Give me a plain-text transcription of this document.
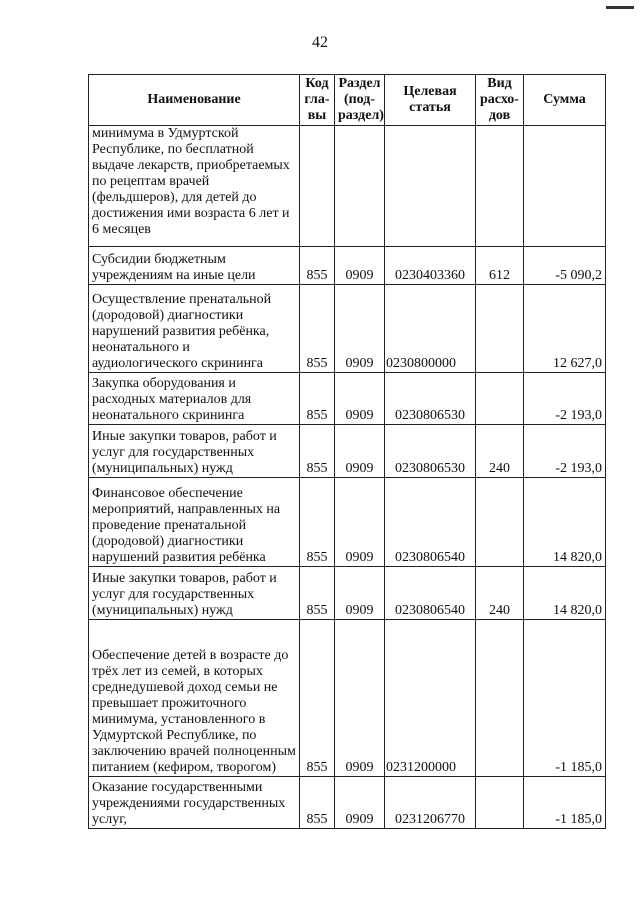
42
Наименование	Код гла-вы	Раздел (под-раздел)	Целевая статья	Вид расхо-дов	Сумма
минимума в Удмуртской Республике, по бесплатной выдаче лекарств, приобретаемых по рецептам врачей (фельдшеров), для детей до достижения ими возраста 6 лет и 6 месяцев					
Субсидии бюджетным учреждениям на иные цели	855	0909	0230403360	612	-5 090,2
Осуществление пренатальной (дородовой) диагностики нарушений развития ребёнка, неонатального и аудиологического скрининга	855	0909	0230800000		12 627,0
Закупка оборудования и расходных материалов для неонатального скрининга	855	0909	0230806530		-2 193,0
Иные закупки товаров, работ и услуг для государственных (муниципальных) нужд	855	0909	0230806530	240	-2 193,0
Финансовое обеспечение мероприятий, направленных на проведение пренатальной (дородовой) диагностики нарушений развития ребёнка	855	0909	0230806540		14 820,0
Иные закупки товаров, работ и услуг для государственных (муниципальных) нужд	855	0909	0230806540	240	14 820,0
Обеспечение детей в возрасте до трёх лет из семей, в которых среднедушевой доход семьи не превышает прожиточного минимума, установленного в Удмуртской Республике, по заключению врачей полноценным питанием (кефиром, творогом)	855	0909	0231200000		-1 185,0
Оказание государственными учреждениями государственных услуг,	855	0909	0231206770		-1 185,0
